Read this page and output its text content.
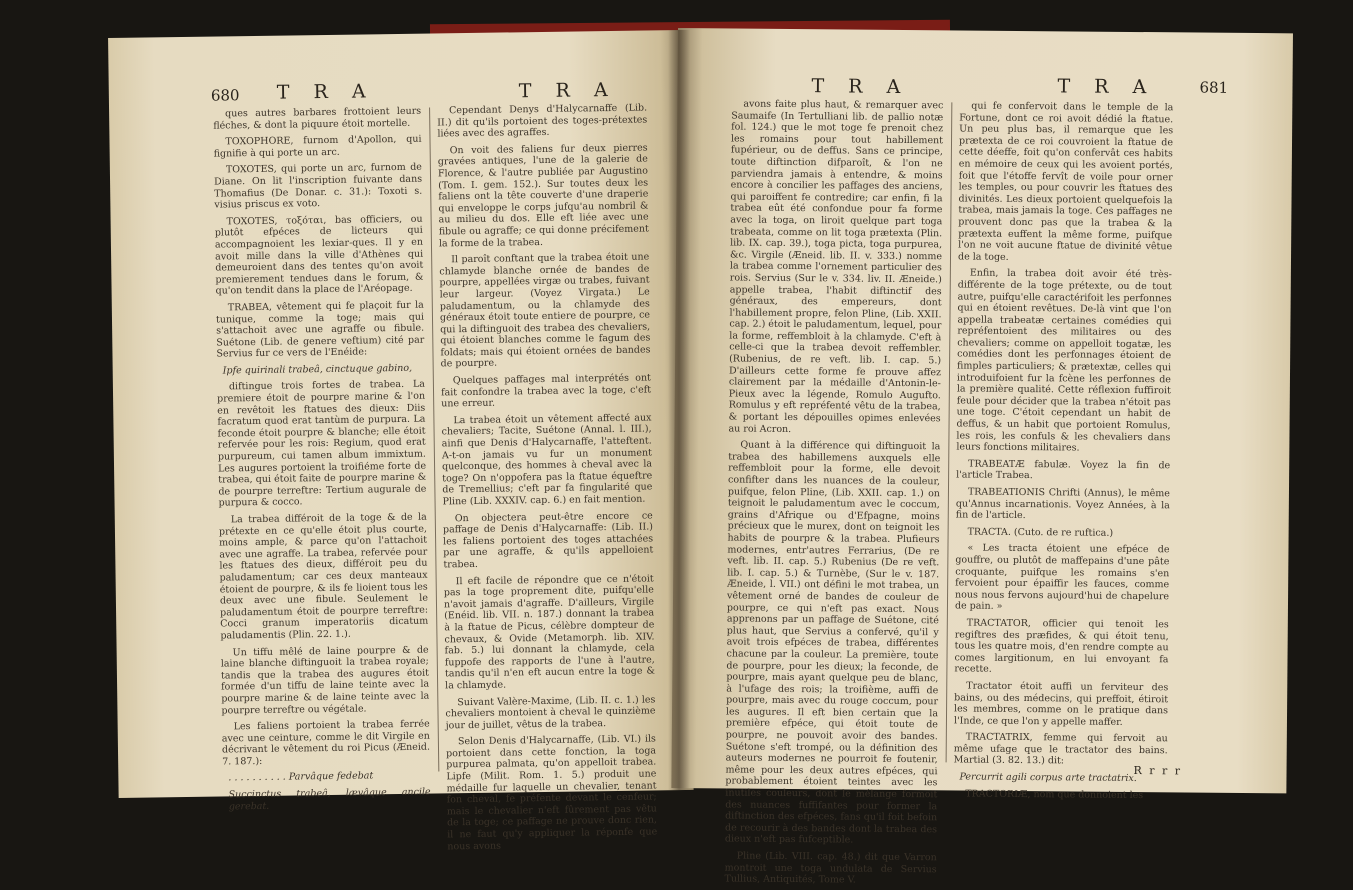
680 T R A	T R A

ques autres barbares frottoient leurs fléches, & dont la piquure étoit mortelle.

TOXOPHORE, furnom d'Apollon, qui fignifie à qui porte un arc.

TOXOTES, qui porte un arc, furnom de Diane. On lit l'inscription fuivante dans Thomafius (De Donar. c. 31.): Toxoti s. visius priscus ex voto.

TOXOTES, τοξόται, bas officiers, ou plutôt efpéces de licteurs qui accompagnoient les lexiar-ques. Il y en avoit mille dans la ville d'Athènes qui demeuroient dans des tentes qu'on avoit premierement tendues dans le forum, & qu'on tendit dans la place de l'Aréopage.

TRABEA, vêtement qui fe plaçoit fur la tunique, comme la toge; mais qui s'attachoit avec une agraffe ou fibule. Suétone (Lib. de genere veftium) cité par Servius fur ce vers de l'Enéide:

Ipfe quirinali trabeâ, cinctuque gabino,

diftingue trois fortes de trabea. La premiere étoit de pourpre marine & l'on en revêtoit les ftatues des dieux: Diis facratum quod erat tantùm de purpura. La feconde étoit pourpre & blanche; elle étoit refervée pour les rois: Regium, quod erat purpureum, cui tamen album immixtum. Les augures portoient la troifiéme forte de trabea, qui étoit faite de pourpre marine & de pourpre terreftre: Tertium augurale de purpura & cocco.

La trabea différoit de la toge & de la prétexte en ce qu'elle étoit plus courte, moins ample, & parce qu'on l'attachoit avec une agraffe. La trabea, refervée pour les ftatues des dieux, différoit peu du paludamentum; car ces deux manteaux étoient de pourpre, & ils fe lioient tous les deux avec une fibule. Seulement le paludamentum étoit de pourpre terreftre: Cocci granum imperatoriis dicatum paludamentis (Plin. 22. 1.).

Un tiffu mêlé de laine pourpre & de laine blanche diftinguoit la trabea royale; tandis que la trabea des augures étoit formée d'un tiffu de laine teinte avec la pourpre marine & de laine teinte avec la pourpre terreftre ou végétale.

Les faliens portoient la trabea ferrée avec une ceinture, comme le dit Virgile en décrivant le vêtement du roi Picus (Æneid. 7. 187.):

. . . . . . . . . . Parvâque fedebat

Succinctus trabeâ, lævâque ancile gerebat.

Cependant Denys d'Halycarnaffe (Lib. II.) dit qu'ils portoient des toges-prétextes liées avec des agraffes.

On voit des faliens fur deux pierres gravées antiques, l'une de la galerie de Florence, & l'autre publiée par Augustino (Tom. I. gem. 152.). Sur toutes deux les faliens ont la tête couverte d'une draperie qui enveloppe le corps jufqu'au nombril & au milieu du dos. Elle eft liée avec une fibule ou agraffe; ce qui donne précifement la forme de la trabea.

Il paroît conftant que la trabea étoit une chlamyde blanche ornée de bandes de pourpre, appellées virgæ ou trabes, fuivant leur largeur. (Voyez Virgata.) Le paludamentum, ou la chlamyde des généraux étoit toute entiere de pourpre, ce qui la diftinguoit des trabea des chevaliers, qui étoient blanches comme le fagum des foldats; mais qui étoient ornées de bandes de pourpre.

Quelques paffages mal interprétés ont fait confondre la trabea avec la toge, c'eft une erreur.

La trabea étoit un vêtement affecté aux chevaliers; Tacite, Suétone (Annal. l. III.), ainfi que Denis d'Halycarnaffe, l'atteftent. A-t-on jamais vu fur un monument quelconque, des hommes à cheval avec la toge? On n'oppofera pas la ftatue équeftre de Tremellius; c'eft par fa fingularité que Pline (Lib. XXXIV. cap. 6.) en fait mention.

On objectera peut-être encore ce paffage de Denis d'Halycarnaffe: (Lib. II.) les faliens portoient des toges attachées par une agraffe, & qu'ils appelloient trabea.

Il eft facile de répondre que ce n'étoit pas la toge proprement dite, puifqu'elle n'avoit jamais d'agraffe. D'ailleurs, Virgile (Enéid. lib. VII. n. 187.) donnant la trabea à la ftatue de Picus, célèbre dompteur de chevaux, & Ovide (Metamorph. lib. XIV. fab. 5.) lui donnant la chlamyde, cela fuppofe des rapports de l'une à l'autre, tandis qu'il n'en eft aucun entre la toge & la chlamyde.

Suivant Valère-Maxime, (Lib. II. c. 1.) les chevaliers montoient à cheval le quinzième jour de juillet, vêtus de la trabea.

Selon Denis d'Halycarnaffe, (Lib. VI.) ils portoient dans cette fonction, la toga purpurea palmata, qu'on appelloit trabea. Lipfe (Milit. Rom. 1. 5.) produit une médaille fur laquelle un chevalier, tenant fon cheval, fe préfente devant le cenfeur; mais le chevalier n'eft fûrement pas vêtu de la toge; ce paffage ne prouve donc rien, il ne faut qu'y appliquer la réponfe que nous avons

T R A	T R A	681

avons faite plus haut, & remarquer avec Saumaife (In Tertulliani lib. de pallio notæ fol. 124.) que le mot toge fe prenoit chez les romains pour tout habillement fupérieur, ou de deffus. Sans ce principe, toute diftinction difparoît, & l'on ne parviendra jamais à entendre, & moins encore à concilier les paffages des anciens, qui paroiffent fe contredire; car enfin, fi la trabea eût été confondue pour fa forme avec la toga, on liroit quelque part toga trabeata, comme on lit toga prætexta (Plin. lib. IX. cap. 39.), toga picta, toga purpurea, &c. Virgile (Æneid. lib. II. v. 333.) nomme la trabea comme l'ornement particulier des rois. Servius (Sur le v. 334. liv. II. Æneide.) appelle trabea, l'habit diftinctif des généraux, des empereurs, dont l'habillement propre, felon Pline, (Lib. XXII. cap. 2.) étoit le paludamentum, lequel, pour la forme, reffembloit à la chlamyde. C'eft à celle-ci que la trabea devoit reffembler. (Rubenius, de re veft. lib. I. cap. 5.) D'ailleurs cette forme fe prouve affez clairement par la médaille d'Antonin-le-Pieux avec la légende, Romulo Augufto. Romulus y eft repréfenté vêtu de la trabea, & portant les dépouilles opimes enlevées au roi Acron.

Quant à la différence qui diftinguoit la trabea des habillemens auxquels elle reffembloit pour la forme, elle devoit confifter dans les nuances de la couleur, puifque, felon Pline, (Lib. XXII. cap. 1.) on teignoit le paludamentum avec le coccum, grains d'Afrique ou d'Efpagne, moins précieux que le murex, dont on teignoit les habits de pourpre & la trabea. Plufieurs modernes, entr'autres Ferrarius, (De re veft. lib. II. cap. 5.) Rubenius (De re veft. lib. I. cap. 5.) & Turnèbe, (Sur le v. 187. Æneide, l. VII.) ont défini le mot trabea, un vêtement orné de bandes de couleur de pourpre, ce qui n'eft pas exact. Nous apprenons par un paffage de Suétone, cité plus haut, que Servius a confervé, qu'il y avoit trois efpéces de trabea, différentes chacune par la couleur. La première, toute de pourpre, pour les dieux; la feconde, de pourpre, mais ayant quelque peu de blanc, à l'ufage des rois; la troifième, auffi de pourpre, mais avec du rouge coccum, pour les augures. Il eft bien certain que la première efpéce, qui étoit toute de pourpre, ne pouvoit avoir des bandes. Suétone s'eft trompé, ou la définition des auteurs modernes ne pourroit fe foutenir, même pour les deux autres efpéces, qui probablement étoient teintes avec les inutiles couleurs, dont le mélange formoit des nuances fuffifantes pour former la diftinction des efpéces, fans qu'il foit befoin de recourir à des bandes dont la trabea des dieux n'eft pas fufceptible.

Pline (Lib. VIII. cap. 48.) dit que Varron montroit une toga undulata de Servius Tullius, Antiquités, Tome V.

qui fe confervoit dans le temple de la Fortune, dont ce roi avoit dédié la ftatue. Un peu plus bas, il remarque que les prætexta de ce roi couvroient la ftatue de cette déeffe, foit qu'on confervât ces habits en mémoire de ceux qui les avoient portés, foit que l'étoffe fervît de voile pour orner les temples, ou pour couvrir les ftatues des divinités. Les dieux portoient quelquefois la trabea, mais jamais la toge. Ces paffages ne prouvent donc pas que la trabea & la prætexta euffent la même forme, puifque l'on ne voit aucune ftatue de divinité vêtue de la toge.

Enfin, la trabea doit avoir été très-différente de la toge prétexte, ou de tout autre, puifqu'elle caractérifoit les perfonnes qui en étoient revêtues. De-là vint que l'on appella trabeatæ certaines comédies qui repréfentoient des militaires ou des chevaliers; comme on appelloit togatæ, les comédies dont les perfonnages étoient de fimples particuliers; & prætextæ, celles qui introduifoient fur la fcène les perfonnes de la première qualité. Cette réflexion fuffiroit feule pour décider que la trabea n'étoit pas une toge. C'étoit cependant un habit de deffus, & un habit que portoient Romulus, les rois, les confuls & les chevaliers dans leurs fonctions militaires.

TRABEATÆ fabulæ. Voyez la fin de l'article Trabea.

TRABEATIONIS Chrifti (Annus), le même qu'Annus incarnationis. Voyez Années, à la fin de l'article.

TRACTA. (Cuto. de re ruftica.)

« Les tracta étoient une efpéce de gouffre, ou plutôt de maffepains d'une pâte croquante, puifque les romains s'en fervoient pour épaiffir les fauces, comme nous nous fervons aujourd'hui de chapelure de pain. »

TRACTATOR, officier qui tenoit les regiftres des præfides, & qui étoit tenu, tous les quatre mois, d'en rendre compte au comes largitionum, en lui envoyant fa recette.

Tractator étoit auffi un ferviteur des bains, ou des médecins, qui preffoit, étiroit les membres, comme on le pratique dans l'Inde, ce que l'on y appelle maffer.

TRACTATRIX, femme qui fervoit au même ufage que le tractator des bains. Martial (3. 82. 13.) dit:

Percurrit agili corpus arte tractatrix.

TRACTORIÆ, nom que donnoient les

R r r r
